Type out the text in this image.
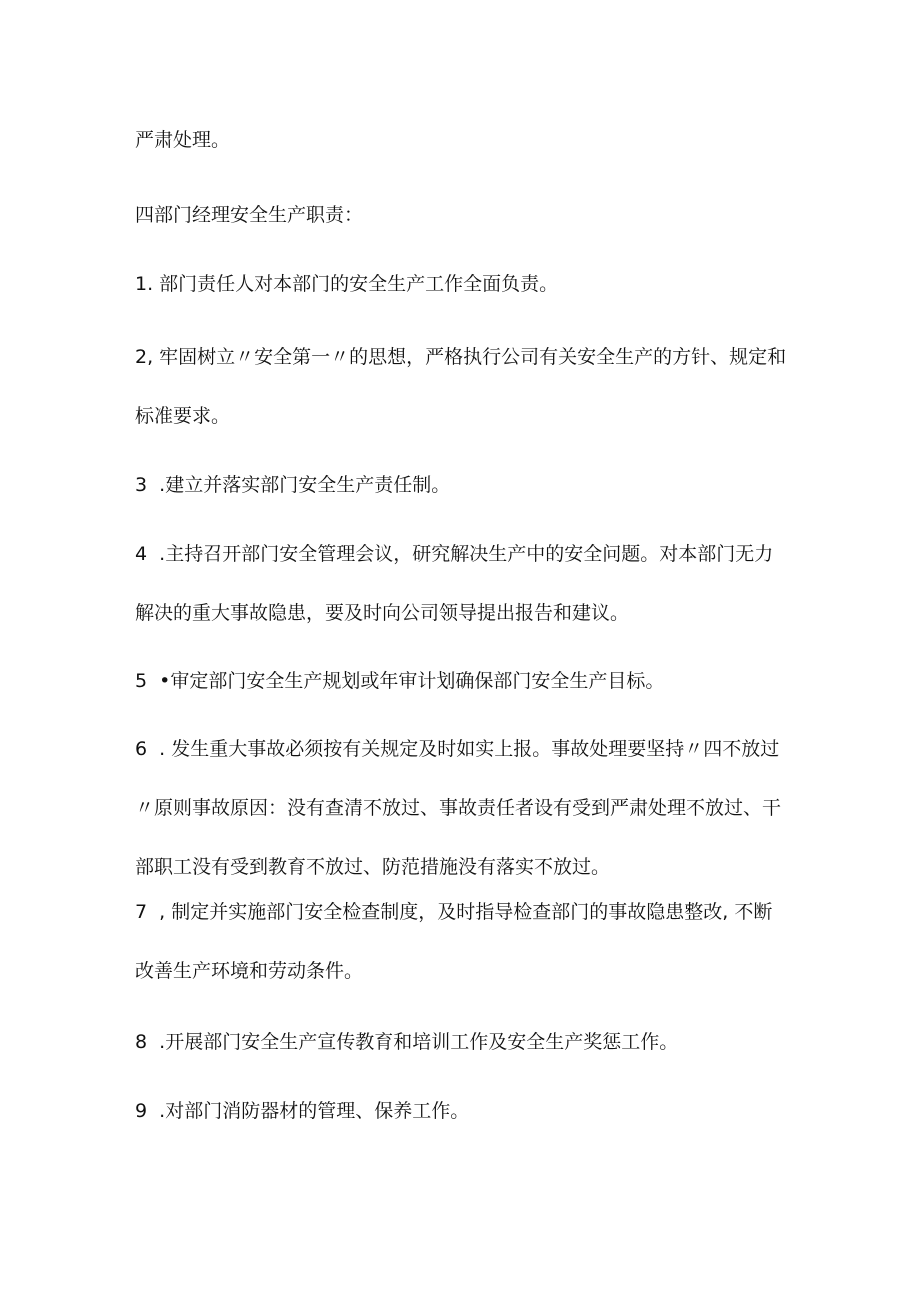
严肃处理。

四部门经理安全生产职责：

1. 部门责任人对本部门的安全生产工作全面负责。

2, 牢固树立〃安全第一〃的思想，严格执行公司有关安全生产的方针、规定和标准要求。

3  .建立并落实部门安全生产责任制。

4  .主持召开部门安全管理会议，研究解决生产中的安全问题。对本部门无力解决的重大事故隐患，要及时向公司领导提出报告和建议。

5  •审定部门安全生产规划或年审计划确保部门安全生产目标。

6  . 发生重大事故必须按有关规定及时如实上报。事故处理要坚持〃四不放过〃原则事故原因：没有查清不放过、事故责任者设有受到严肃处理不放过、干部职工没有受到教育不放过、防范措施没有落实不放过。

7  , 制定并实施部门安全检查制度，及时指导检查部门的事故隐患整改, 不断改善生产环境和劳动条件。

8  .开展部门安全生产宣传教育和培训工作及安全生产奖惩工作。

9  .对部门消防器材的管理、保养工作。
